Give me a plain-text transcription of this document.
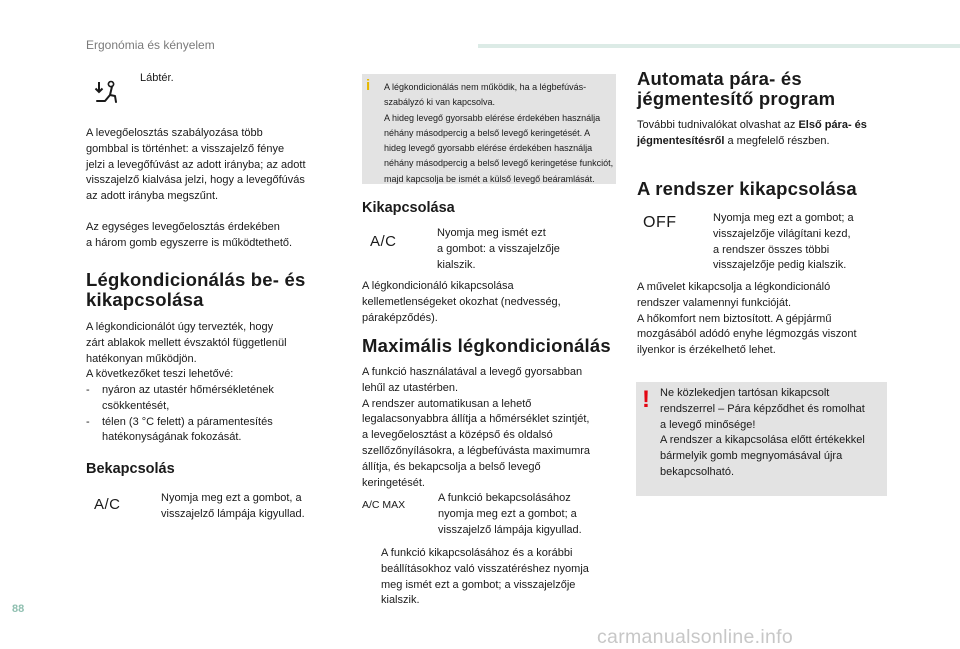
Ergonómia és kényelem
Lábtér.
A levegőelosztás szabályozása több
gombbal is történhet: a visszajelző fénye
jelzi a levegőfúvást az adott irányba; az adott
visszajelző kialvása jelzi, hogy a levegőfúvás
az adott irányba megszűnt.
Az egységes levegőelosztás érdekében
a három gomb egyszerre is működtethető.
Légkondicionálás be- és
kikapcsolása
A légkondicionálót úgy tervezték, hogy
zárt ablakok mellett évszaktól függetlenül
hatékonyan működjön.
A következőket teszi lehetővé:
- nyáron az utastér hőmérsékletének
csökkentését,
- télen (3 °C felett) a páramentesítés
hatékonyságának fokozását.
Bekapcsolás
A/C	Nyomja meg ezt a gombot, a
visszajelző lámpája kigyullad.
i A légkondicionálás nem működik, ha a légbefúvás-
szabályzó ki van kapcsolva.
A hideg levegő gyorsabb elérése érdekében használja
néhány másodpercig a belső levegő keringetését. A
hideg levegő gyorsabb elérése érdekében használja
néhány másodpercig a belső levegő keringetése funkciót,
majd kapcsolja be ismét a külső levegő beáramlását.
Kikapcsolása
A/C	Nyomja meg ismét ezt
a gombot: a visszajelzője
kialszik.
A légkondicionáló kikapcsolása
kellemetlenségeket okozhat (nedvesség,
páraképződés).
Maximális légkondicionálás
A funkció használatával a levegő gyorsabban
lehűl az utastérben.
A rendszer automatikusan a lehető
legalacsonyabbra állítja a hőmérséklet szintjét,
a levegőelosztást a középső és oldalsó
szellőzőnyílásokra, a légbefúvásta maximumra
állítja, és bekapcsolja a belső levegő
keringetését.
A/C MAX
A funkció bekapcsolásához
nyomja meg ezt a gombot; a
visszajelző lámpája kigyullad.
A funkció kikapcsolásához és a korábbi
beállításokhoz való visszatéréshez nyomja
meg ismét ezt a gombot; a visszajelzője
kialszik.
Automata pára- és
jégmentesítő program
További tudnivalókat olvashat az Első pára- és
jégmentesítésről a megfelelő részben.
A rendszer kikapcsolása
OFF	Nyomja meg ezt a gombot; a
visszajelzője világítani kezd,
a rendszer összes többi
visszajelzője pedig kialszik.
A művelet kikapcsolja a légkondicionáló
rendszer valamennyi funkcióját.
A hőkomfort nem biztosított. A gépjármű
mozgásából adódó enyhe légmozgás viszont
ilyenkor is érzékelhető lehet.
! Ne közlekedjen tartósan kikapcsolt
rendszerrel – Pára képződhet és romolhat
a levegő minősége!
A rendszer a kikapcsolása előtt értékekkel
bármelyik gomb megnyomásával újra
bekapcsolható.
88
carmanualsonline.info
